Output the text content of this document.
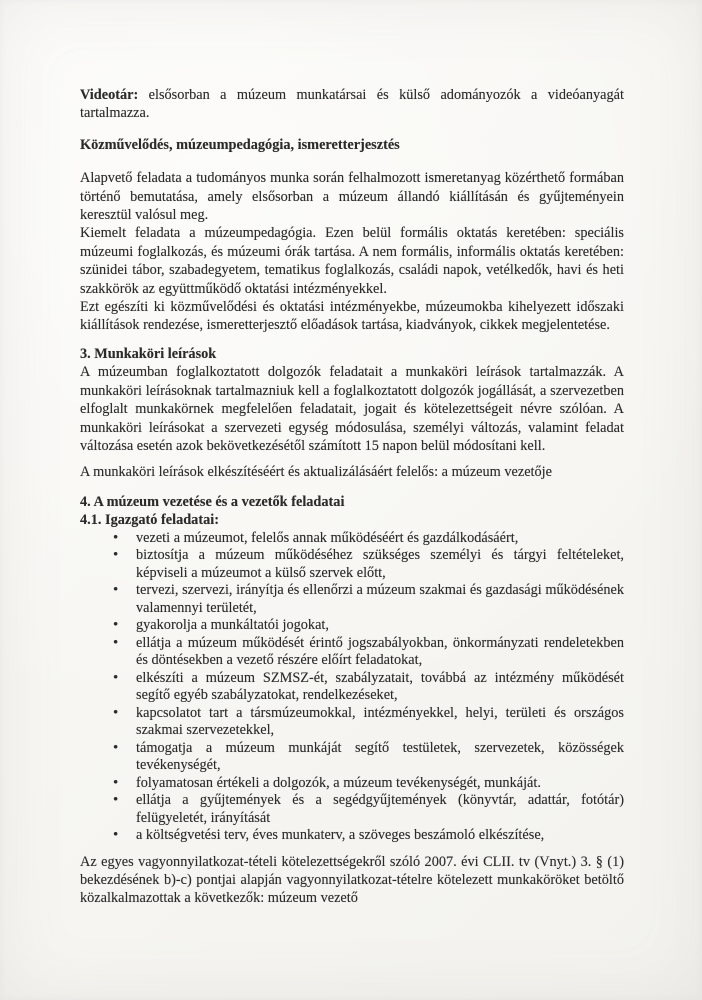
Videotár: elsősorban a múzeum munkatársai és külső adományozók a videóanyagát tartalmazza.

Közművelődés, múzeumpedagógia, ismeretterjesztés

Alapvető feladata a tudományos munka során felhalmozott ismeretanyag közérthető formában történő bemutatása, amely elsősorban a múzeum állandó kiállításán és gyűjteményein keresztül valósul meg.

Kiemelt feladata a múzeumpedagógia. Ezen belül formális oktatás keretében: speciális múzeumi foglalkozás, és múzeumi órák tartása. A nem formális, informális oktatás keretében: szünidei tábor, szabadegyetem, tematikus foglalkozás, családi napok, vetélkedők, havi és heti szakkörök az együttműködő oktatási intézményekkel.

Ezt egészíti ki közművelődési és oktatási intézményekbe, múzeumokba kihelyezett időszaki kiállítások rendezése, ismeretterjesztő előadások tartása, kiadványok, cikkek megjelentetése.

3. Munkaköri leírások

A múzeumban foglalkoztatott dolgozók feladatait a munkaköri leírások tartalmazzák. A munkaköri leírásoknak tartalmazniuk kell a foglalkoztatott dolgozók jogállását, a szervezetben elfoglalt munkakörnek megfelelően feladatait, jogait és kötelezettségeit névre szólóan. A munkaköri leírásokat a szervezeti egység módosulása, személyi változás, valamint feladat változása esetén azok bekövetkezésétől számított 15 napon belül módosítani kell.

A munkaköri leírások elkészítéséért és aktualizálásáért felelős: a múzeum vezetője

4. A múzeum vezetése és a vezetők feladatai
4.1. Igazgató feladatai:
• vezeti a múzeumot, felelős annak működéséért és gazdálkodásáért,
• biztosítja a múzeum működéséhez szükséges személyi és tárgyi feltételeket, képviseli a múzeumot a külső szervek előtt,
• tervezi, szervezi, irányítja és ellenőrzi a múzeum szakmai és gazdasági működésének valamennyi területét,
• gyakorolja a munkáltatói jogokat,
• ellátja a múzeum működését érintő jogszabályokban, önkormányzati rendeletekben és döntésekben a vezető részére előírt feladatokat,
• elkészíti a múzeum SZMSZ-ét, szabályzatait, továbbá az intézmény működését segítő egyéb szabályzatokat, rendelkezéseket,
• kapcsolatot tart a társmúzeumokkal, intézményekkel, helyi, területi és országos szakmai szervezetekkel,
• támogatja a múzeum munkáját segítő testületek, szervezetek, közösségek tevékenységét,
• folyamatosan értékeli a dolgozók, a múzeum tevékenységét, munkáját.
• ellátja a gyűjtemények és a segédgyűjtemények (könyvtár, adattár, fotótár) felügyeletét, irányítását
• a költségvetési terv, éves munkaterv, a szöveges beszámoló elkészítése,

Az egyes vagyonnyilatkozat-tételi kötelezettségekről szóló 2007. évi CLII. tv (Vnyt.) 3. § (1) bekezdésének b)-c) pontjai alapján vagyonnyilatkozat-tételre kötelezett munkaköröket betöltő közalkalmazottak a következők: múzeum vezető
